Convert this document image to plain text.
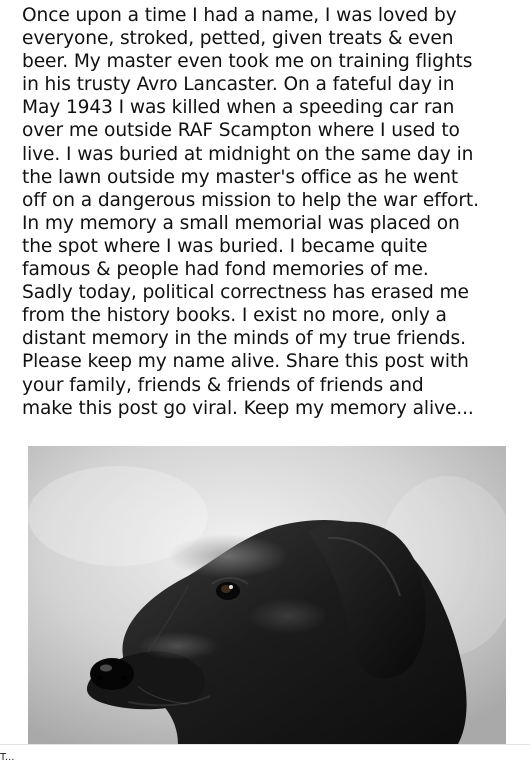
Once upon a time I had a name, I was loved by
everyone, stroked, petted, given treats & even
beer. My master even took me on training flights
in his trusty Avro Lancaster. On a fateful day in
May 1943 I was killed when a speeding car ran
over me outside RAF Scampton where I used to
live. I was buried at midnight on the same day in
the lawn outside my master's office as he went
off on a dangerous mission to help the war effort.
In my memory a small memorial was placed on
the spot where I was buried. I became quite
famous & people had fond memories of me.
Sadly today, political correctness has erased me
from the history books. I exist no more, only a
distant memory in the minds of my true friends.
Please keep my name alive. Share this post with
your family, friends & friends of friends and
make this post go viral. Keep my memory alive...
T...
